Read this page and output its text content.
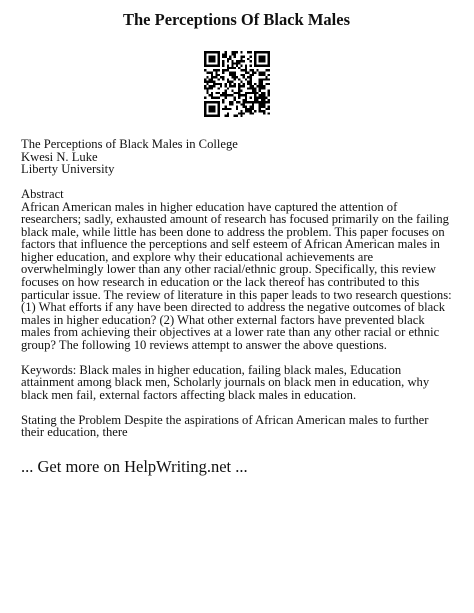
The Perceptions Of Black Males
The Perceptions of Black Males in College
Kwesi N. Luke
Liberty University
Abstract

African American males in higher education have captured the attention of researchers; sadly, exhausted amount of research has focused primarily on the failing black male, while little has been done to address the problem. This paper focuses on factors that influence the perceptions and self esteem of African American males in higher education, and explore why their educational achievements are overwhelmingly lower than any other racial/ethnic group. Specifically, this review focuses on how research in education or the lack thereof has contributed to this particular issue. The review of literature in this paper leads to two research questions: (1) What efforts if any have been directed to address the negative outcomes of black males in higher education? (2) What other external factors have prevented black males from achieving their objectives at a lower rate than any other racial or ethnic group? The following 10 reviews attempt to answer the above questions.

Keywords: Black males in higher education, failing black males, Education attainment among black men, Scholarly journals on black men in education, why black men fail, external factors affecting black males in education.

Stating the Problem Despite the aspirations of African American males to further their education, there

... Get more on HelpWriting.net ...
